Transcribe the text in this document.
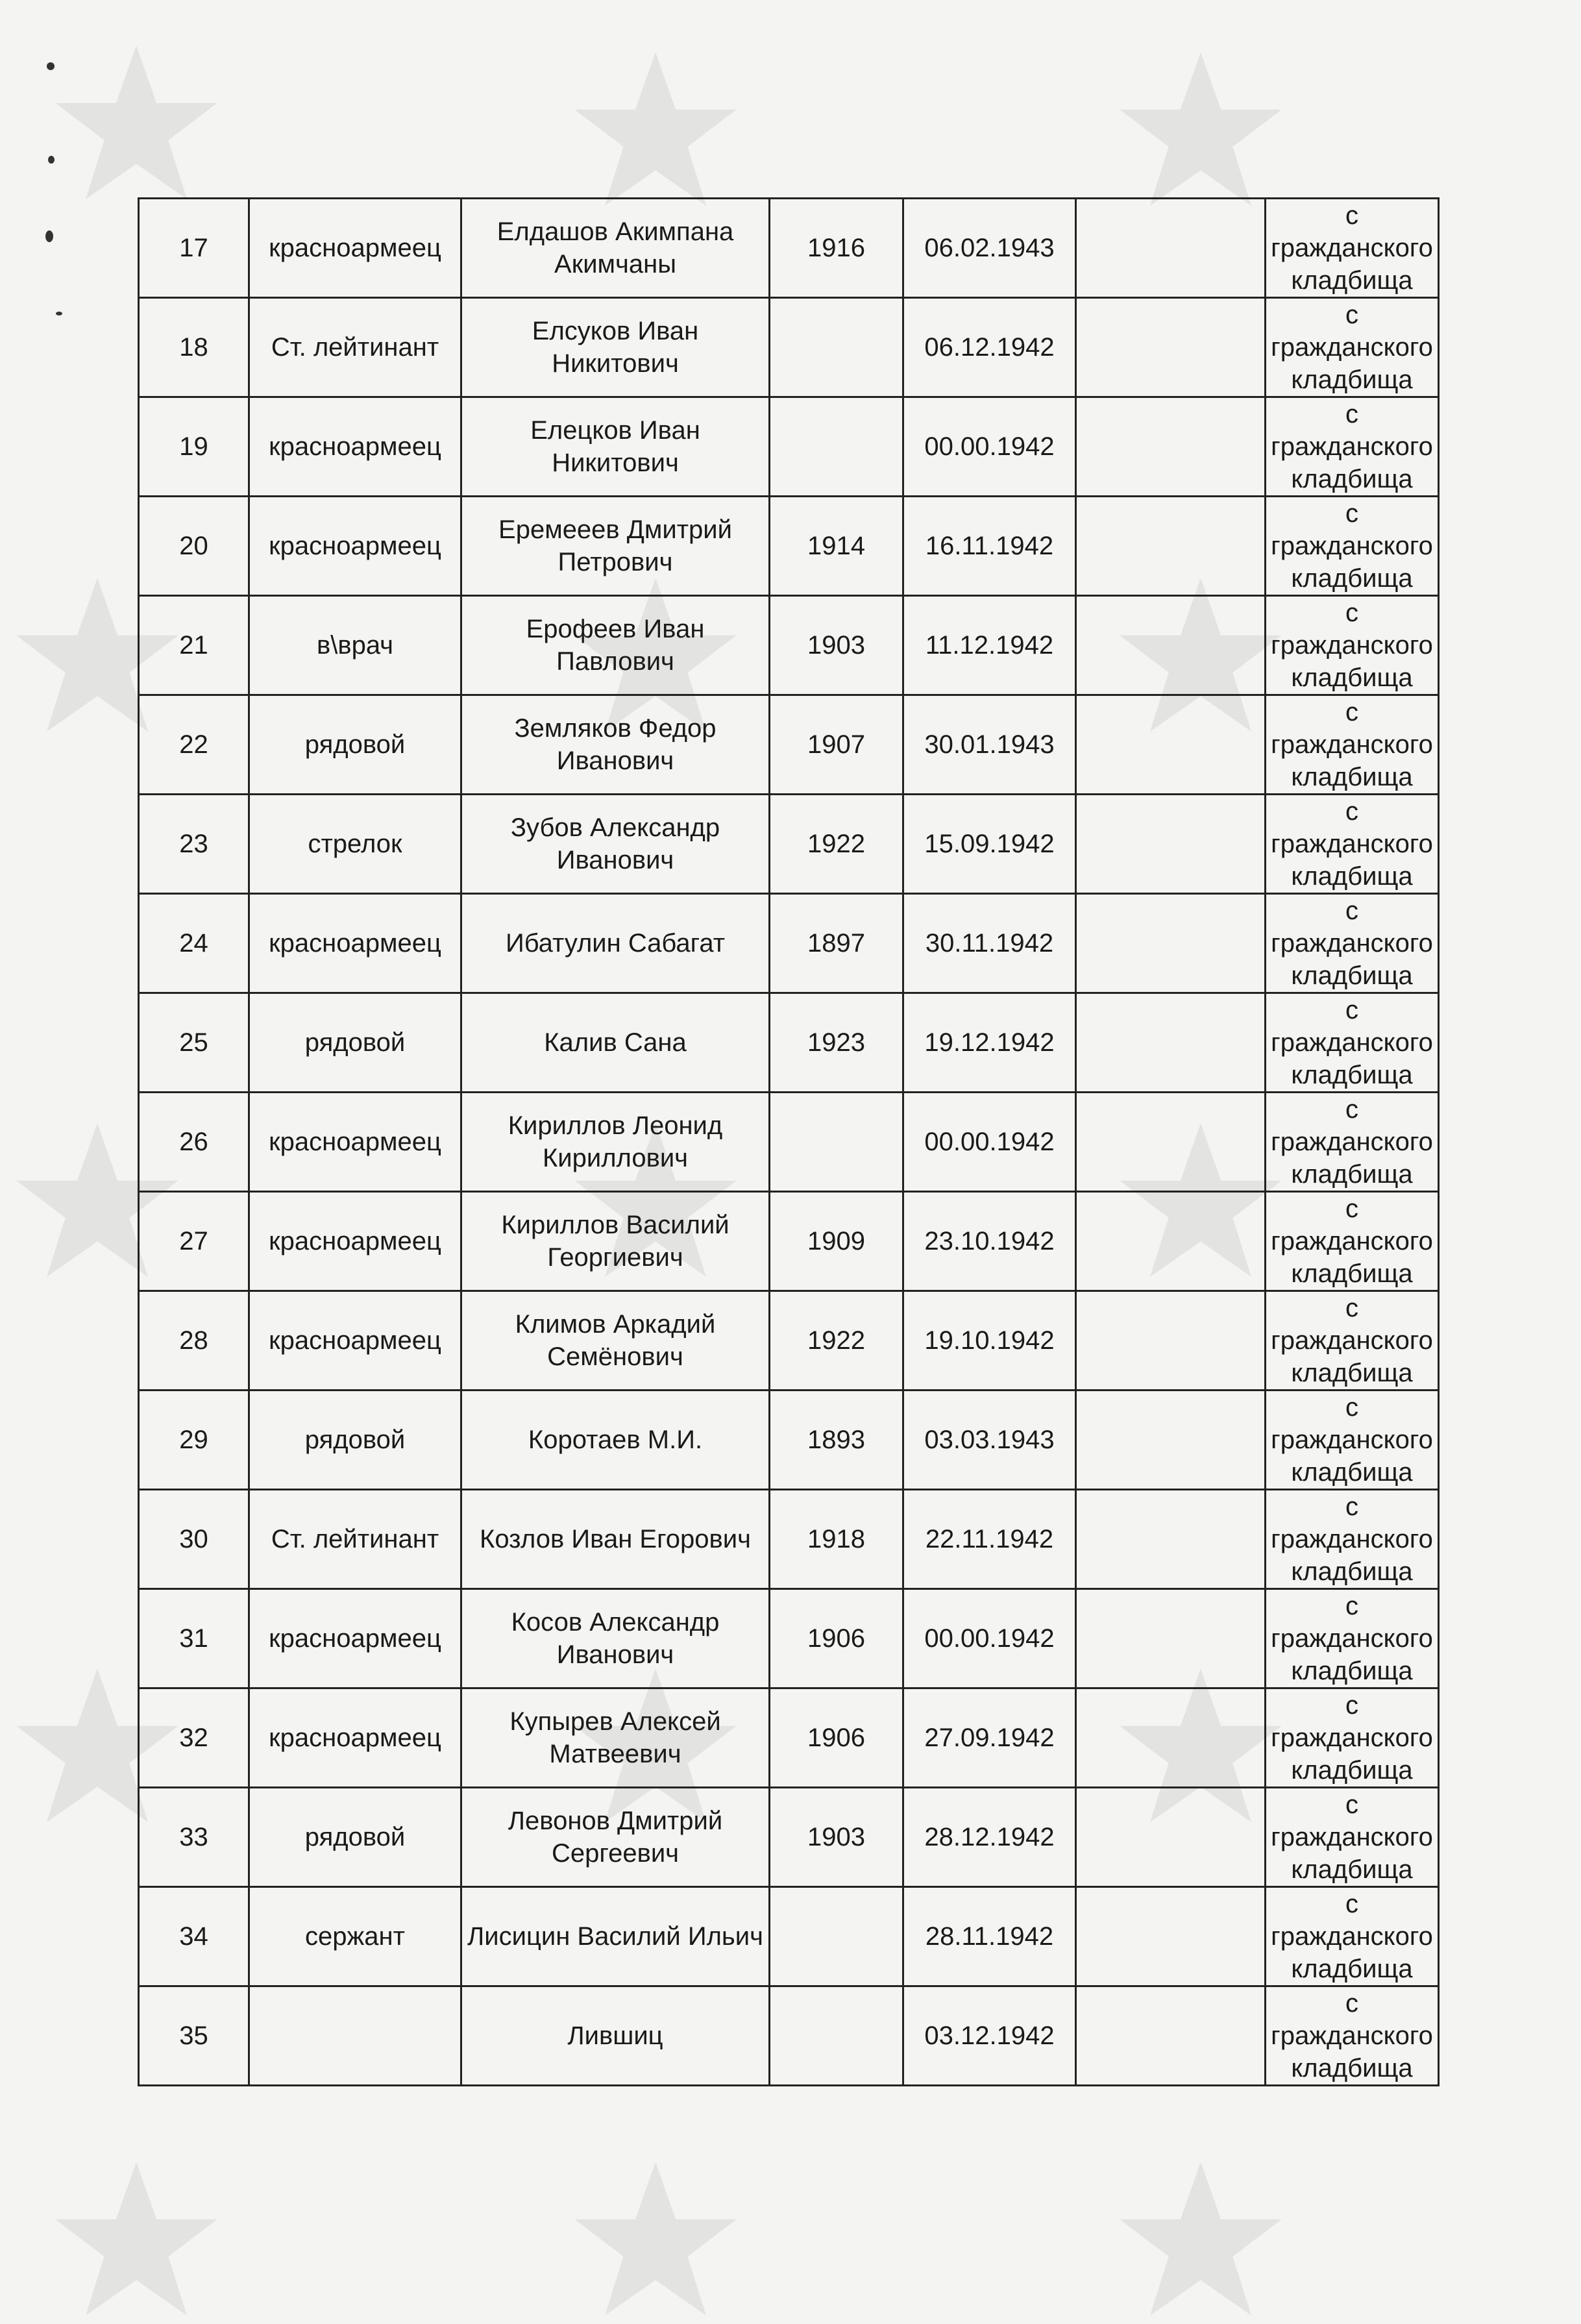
17	красноармеец	Елдашов Акимпана Акимчаны	1916	06.02.1943		с гражданского кладбища
18	Ст. лейтинант	Елсуков Иван Никитович		06.12.1942		с гражданского кладбища
19	красноармеец	Елецков Иван Никитович		00.00.1942		с гражданского кладбища
20	красноармеец	Еремееев Дмитрий Петрович	1914	16.11.1942		с гражданского кладбища
21	в\врач	Ерофеев Иван Павлович	1903	11.12.1942		с гражданского кладбища
22	рядовой	Земляков Федор Иванович	1907	30.01.1943		с гражданского кладбища
23	стрелок	Зубов Александр Иванович	1922	15.09.1942		с гражданского кладбища
24	красноармеец	Ибатулин Сабагат	1897	30.11.1942		с гражданского кладбища
25	рядовой	Калив Сана	1923	19.12.1942		с гражданского кладбища
26	красноармеец	Кириллов Леонид Кириллович		00.00.1942		с гражданского кладбища
27	красноармеец	Кириллов Василий Георгиевич	1909	23.10.1942		с гражданского кладбища
28	красноармеец	Климов Аркадий Семёнович	1922	19.10.1942		с гражданского кладбища
29	рядовой	Коротаев М.И.	1893	03.03.1943		с гражданского кладбища
30	Ст. лейтинант	Козлов Иван Егорович	1918	22.11.1942		с гражданского кладбища
31	красноармеец	Косов Александр Иванович	1906	00.00.1942		с гражданского кладбища
32	красноармеец	Купырев Алексей Матвеевич	1906	27.09.1942		с гражданского кладбища
33	рядовой	Левонов Дмитрий Сергеевич	1903	28.12.1942		с гражданского кладбища
34	сержант	Лисицин Василий Ильич		28.11.1942		с гражданского кладбища
35		Лившиц		03.12.1942		с гражданского кладбища
